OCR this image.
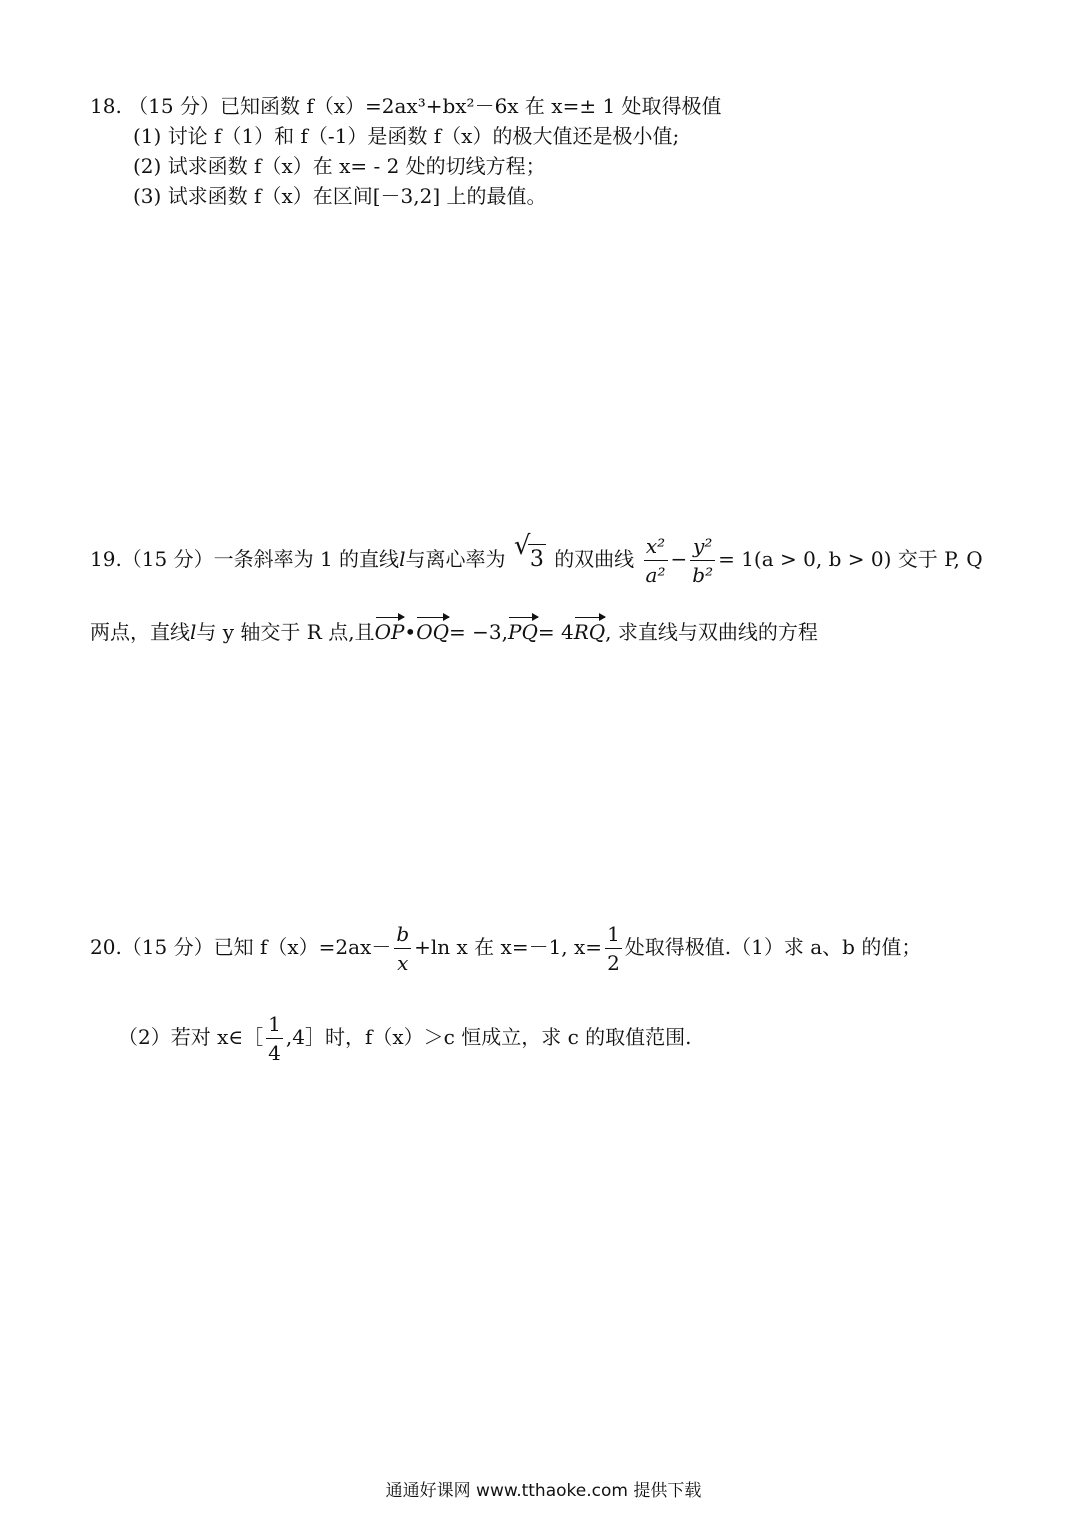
18. （15 分）已知函数 f（x）=2ax³+bx²－6x 在 x=± 1 处取得极值
(1) 讨论 f（1）和 f（-1）是函数 f（x）的极大值还是极小值;
(2) 试求函数 f（x）在 x= - 2 处的切线方程；
(3) 试求函数 f（x）在区间[－3,2] 上的最值。
19.（15 分）一条斜率为 1 的直线l与离心率为 √ 3 的双曲线 $\frac{\text{x²}}{\text{a²}} - \frac{\text{y²}}{\text{b²}} = 1(a > 0$, b > 0) 交于 P, Q
两点，直线l与 y 轴交于 R 点,且OP•OQ= −3,PQ= 4RQ, 求直线与双曲线的方程
20.（15 分）已知 $f(x)=2ax- \frac{b}{x} +\ln$ x 在 x=－1, $x= \frac{1}{2}$ 处取得极值.（1）求 a、b 的值；
（2）若对 x∈［ $\frac{1}{4}$ ,4］时，f（x）＞c 恒成立，求 c 的取值范围.
通通好课网 www.tthaoke.com 提供下载
